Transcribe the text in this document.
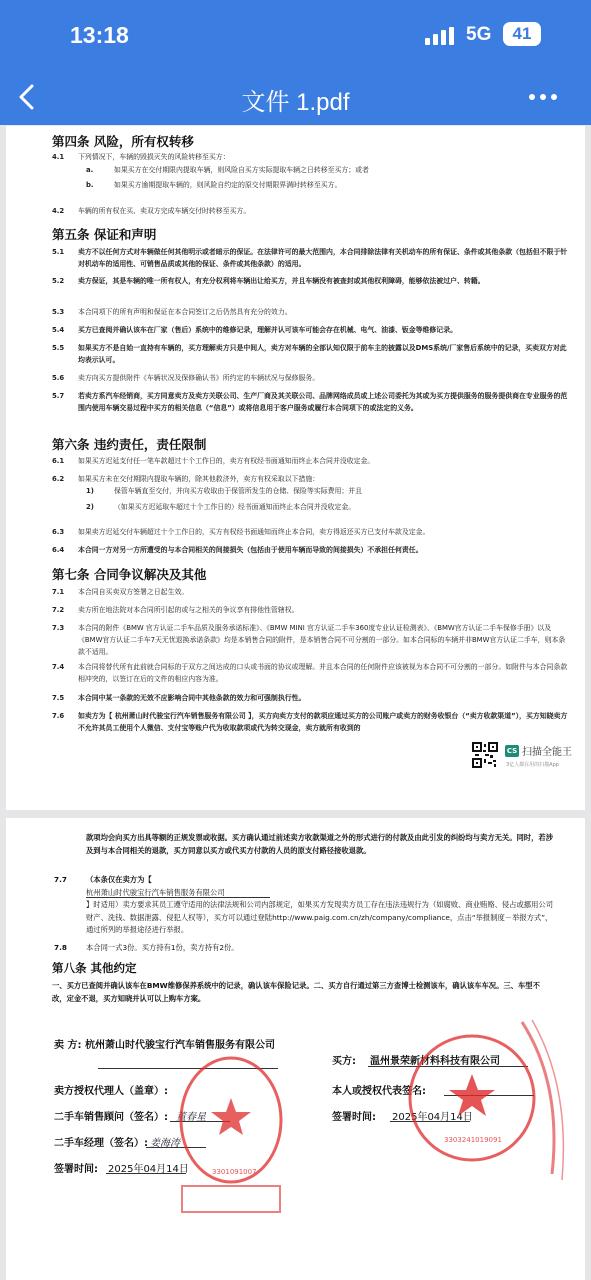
13:18	5G	41
文件 1.pdf
第四条 风险，所有权转移
4.1 下列情况下，车辆的毁损灭失的风险转移至买方：
a.	如果买方在交付期限内提取车辆，则风险自买方实际提取车辆之日转移至买方；或者
b.	如果买方逾期提取车辆的，则风险自约定的原交付期限界满时转移至买方。
4.2 车辆的所有权在买、卖双方完成车辆交付时转移至买方。
第五条 保证和声明
5.1 卖方不以任何方式对车辆做任何其他明示或者暗示的保证。在法律许可的最大范围内，本合同排除法律有关机动车的所有保证、条件或其他条款（包括但不限于针对机动车的适用性、可销售品质或其他的保证、条件或其他条款）的适用。
5.2 卖方保证，其是车辆的唯一所有权人，有充分权利将车辆出让给买方，并且车辆没有被查封或其他权利障碍，能够依法被过户、转籍。
5.3 本合同项下的所有声明和保证在本合同签订之后仍然具有充分的效力。
5.4 买方已查阅并确认该车在厂家（售后）系统中的维修记录，理解并认可该车可能会存在机械、电气、油漆、钣金等维修记录。
5.5 如果买方不是自始一直持有车辆的，买方理解卖方只是中间人，卖方对车辆的全部认知仅限于前车主的披露以及DMS系统/厂家售后系统中的记录，买卖双方对此均表示认可。
5.6 卖方向买方提供附件《车辆状况及保修确认书》所约定的车辆状况与保修服务。
5.7 若卖方系汽车经销商，买方同意卖方及卖方关联公司、生产厂商及其关联公司、品牌网络成员或上述公司委托为其或为买方提供服务的服务提供商在专业服务的范围内使用车辆交易过程中买方的相关信息（“信息”）或将信息用于客户服务或履行本合同项下的或法定的义务。
第六条 违约责任，责任限制
6.1 如果买方迟延支付任一笔车款超过十个工作日的，卖方有权经书面通知而终止本合同并没收定金。
6.2 如果买方未在交付期限内提取车辆的，除其他救济外，卖方有权采取以下措施：
1)	保管车辆直至交付，并向买方收取由于保管所发生的仓储、保险等实际费用；并且
2)	（如果买方迟延取车超过十个工作日的）经书面通知而终止本合同并没收定金。
6.3 如果卖方迟延交付车辆超过十个工作日的，买方有权经书面通知而终止本合同，卖方得返还买方已支付车款及定金。
6.4 本合同一方对另一方所遭受的与本合同相关的间接损失（包括由于使用车辆而导致的间接损失）不承担任何责任。
第七条 合同争议解决及其他
7.1 本合同自买卖双方签署之日起生效。
7.2 卖方所在地法院对本合同所引起的或与之相关的争议享有排他性管辖权。
7.3 本合同的附件《BMW 官方认证二手车品质及服务承诺标准》、《BMW MINI 官方认证二手车360度专业认证检测表》、《BMW官方认证二手车保修手册》以及《BMW官方认证二手车7天无忧退换承诺条款》均是本销售合同的附件，是本销售合同不可分割的一部分。如本合同标的车辆并非BMW官方认证二手车，则本条款不适用。
7.4 本合同将替代所有此前就合同标的于双方之间达成的口头或书面的协议或理解。并且本合同的任何附件应该被视为本合同不可分割的一部分。如附件与本合同条款相冲突的，以签订在后的文件的相应内容为准。
7.5 本合同中某一条款的无效不应影响合同中其他条款的效力和可强制执行性。
7.6 如卖方为【 杭州萧山时代骏宝行汽车销售服务有限公司 】，买方向卖方支付的款项应通过买方的公司账户或卖方的财务收银台（“卖方收款渠道”），买方知晓卖方不允许其员工使用个人微信、支付宝等账户代为收取款项或代为转交现金，卖方就所有收到的
CS 扫描全能王
3亿人都在用的扫描App
款项均会向买方出具等额的正规发票或收据。买方确认通过前述卖方收款渠道之外的形式进行的付款及由此引发的纠纷均与卖方无关。同时，若涉及到与本合同相关的退款，买方同意以买方或代买方付款的人员的原支付路径接收退款。
7.7	（本条仅在卖方为【
杭州萧山时代骏宝行汽车销售服务有限公司
】时适用）卖方要求其员工遵守适用的法律法规和公司内部规定，如果买方发现卖方员工存在违法违规行为（如腐败、商业贿赂、侵占或挪用公司财产、洗钱、数据泄露、侵犯人权等），买方可以通过登陆http://www.paig.com.cn/zh/company/compliance，点击“举报制度－举报方式”，通过所列的举报途径进行举报。
7.8	本合同一式3份。买方持有1份，卖方持有2份。
第八条 其他约定
一、买方已查阅并确认该车在BMW维修保养系统中的记录，确认该车保险记录。二、买方自行通过第三方查博士检测该车，确认该车车况。三、车型不改，定金不退，买方知晓并认可以上购车方案。
卖 方: 杭州萧山时代骏宝行汽车销售服务有限公司
买方: 温州景荣新材料科技有限公司
卖方授权代理人（盖章）:	本人或授权代表签名:
二手车销售顾问（签名）: 董春星	签署时间: 2025年04月14日
二手车经理（签名）: 姜海涛
签署时间: 2025年04月14日	3301091007
3303241019091
